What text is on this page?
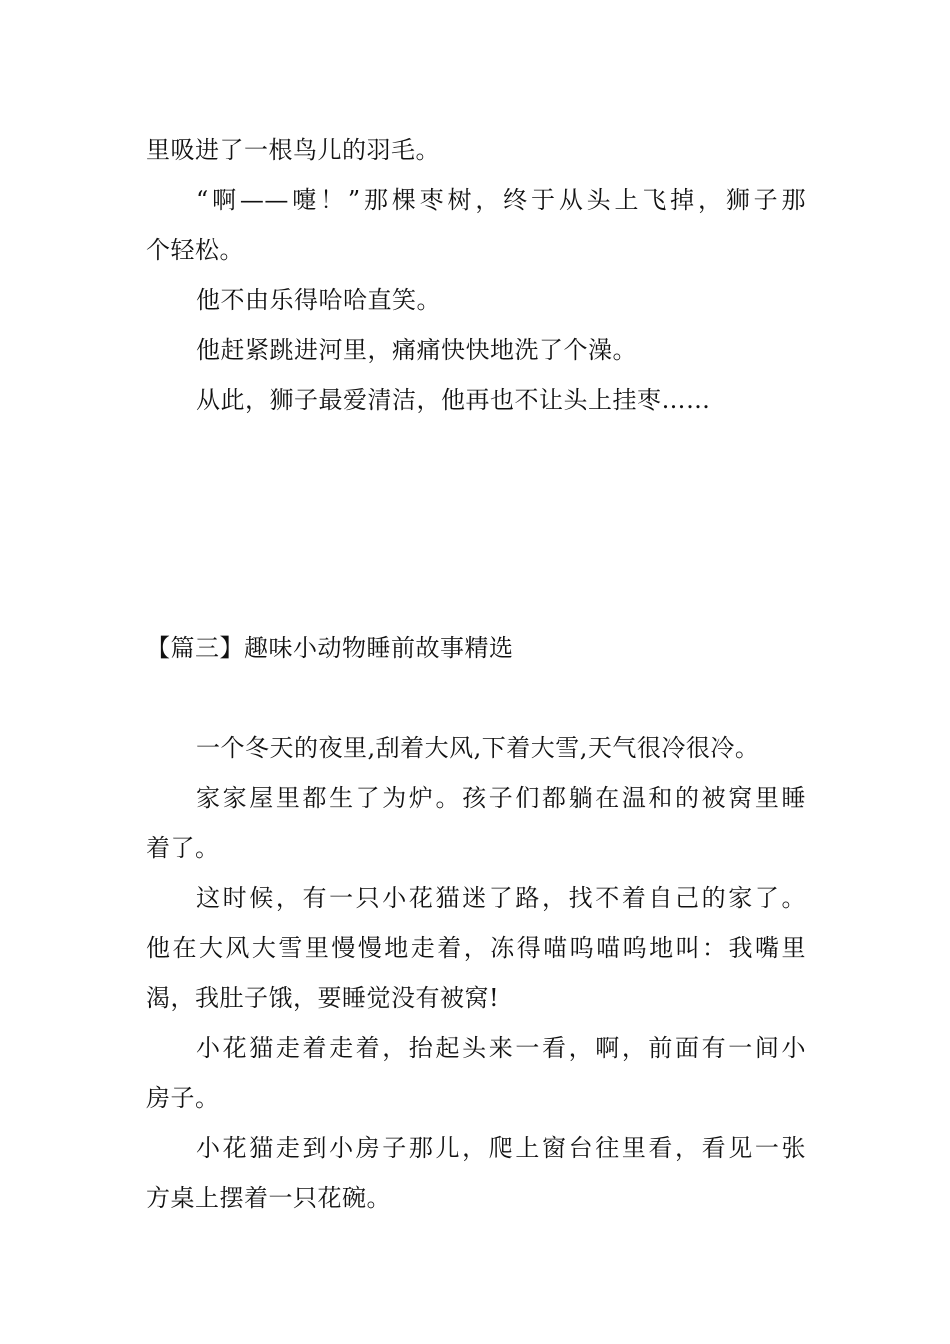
里吸进了一根鸟儿的羽毛。
“啊——嚏！”那棵枣树，终于从头上飞掉，狮子那
个轻松。
他不由乐得哈哈直笑。
他赶紧跳进河里，痛痛快快地洗了个澡。
从此，狮子最爱清洁，他再也不让头上挂枣……
【篇三】趣味小动物睡前故事精选
一个冬天的夜里,刮着大风,下着大雪,天气很冷很冷。
家家屋里都生了为炉。孩子们都躺在温和的被窝里睡
着了。
这时候，有一只小花猫迷了路，找不着自己的家了。
他在大风大雪里慢慢地走着，冻得喵呜喵呜地叫：我嘴里
渴，我肚子饿，要睡觉没有被窝!
小花猫走着走着，抬起头来一看，啊，前面有一间小
房子。
小花猫走到小房子那儿，爬上窗台往里看，看见一张
方桌上摆着一只花碗。
